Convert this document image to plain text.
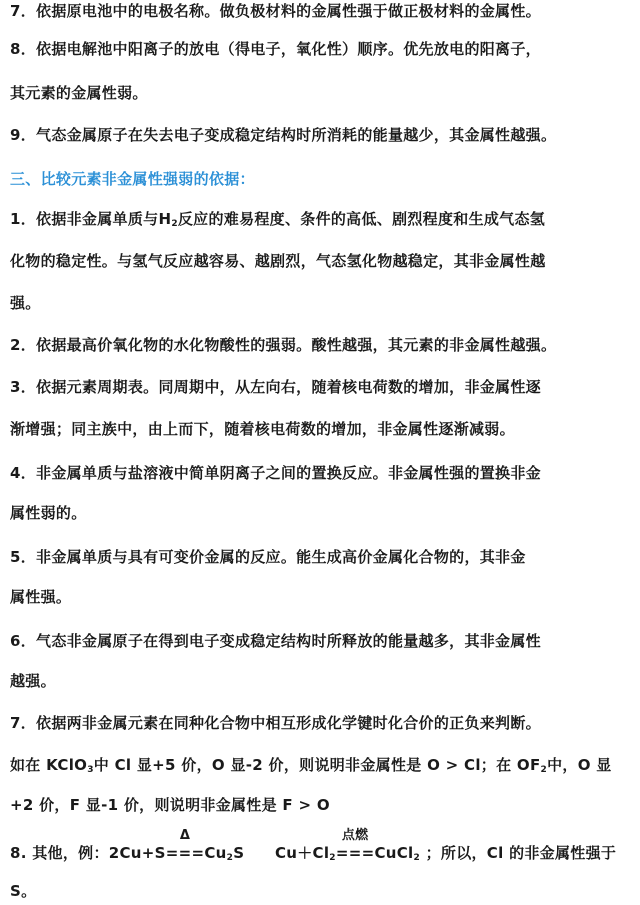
7．依据原电池中的电极名称。做负极材料的金属性强于做正极材料的金属性。
8．依据电解池中阳离子的放电（得电子，氧化性）顺序。优先放电的阳离子，
其元素的金属性弱。
9．气态金属原子在失去电子变成稳定结构时所消耗的能量越少，其金属性越强。
三、比较元素非金属性强弱的依据：
1．依据非金属单质与$H_2$反应的难易程度、条件的高低、剧烈程度和生成气态氢
化物的稳定性。与氢气反应越容易、越剧烈，气态氢化物越稳定，其非金属性越
强。
2．依据最高价氧化物的水化物酸性的强弱。酸性越强，其元素的非金属性越强。
3．依据元素周期表。同周期中，从左向右，随着核电荷数的增加，非金属性逐
渐增强；同主族中，由上而下，随着核电荷数的增加，非金属性逐渐减弱。
4．非金属单质与盐溶液中简单阴离子之间的置换反应。非金属性强的置换非金
属性弱的。
5．非金属单质与具有可变价金属的反应。能生成高价金属化合物的，其非金
属性强。
6．气态非金属原子在得到电子变成稳定结构时所释放的能量越多，其非金属性
越强。
7．依据两非金属元素在同种化合物中相互形成化学键时化合价的正负来判断。
如在 KClO$_3$中 Cl 显+5 价，O 显-2 价，则说明非金属性是 O > Cl；在 $OF_2$中，O 显
+2 价，F 显-1 价，则说明非金属性是 F > O
8. 其他，例：2Cu+S
Δ
$===Cu_2S$　　$Cu+Cl_2$
点燃
===CuCl$_2$ ；所以，Cl 的非金属性强于
S。
